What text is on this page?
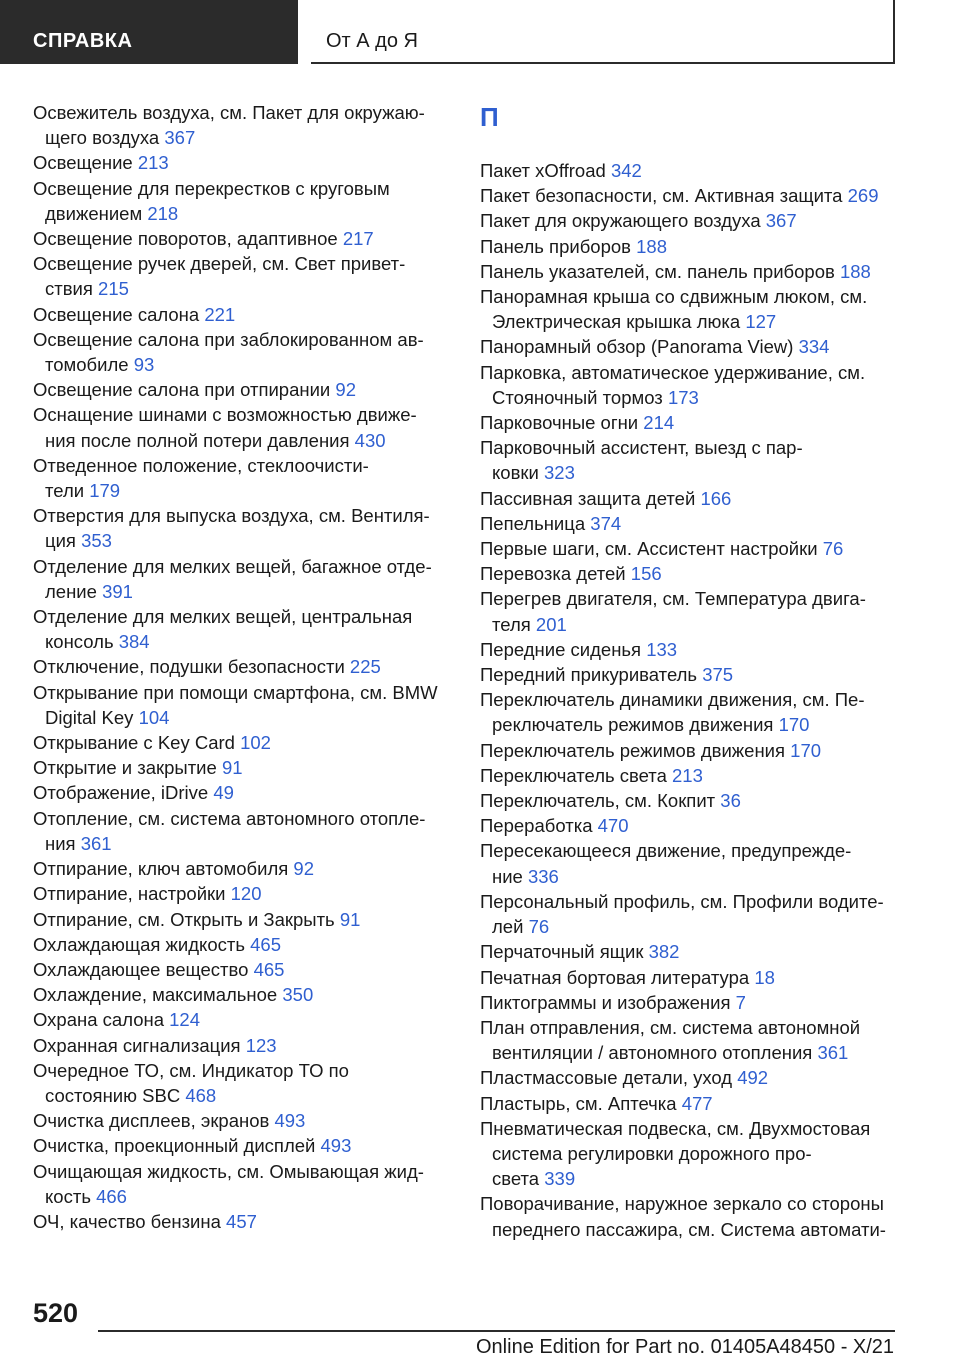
СПРАВКА	От А до Я
Освежитель воздуха, см. Пакет для окружаю-
щего воздуха 367
Освещение 213
Освещение для перекрестков с круговым
движением 218
Освещение поворотов, адаптивное 217
Освещение ручек дверей, см. Свет привет-
ствия 215
Освещение салона 221
Освещение салона при заблокированном ав-
томобиле 93
Освещение салона при отпирании 92
Оснащение шинами с возможностью движе-
ния после полной потери давления 430
Отведенное положение, стеклоочисти-
тели 179
Отверстия для выпуска воздуха, см. Вентиля-
ция 353
Отделение для мелких вещей, багажное отде-
ление 391
Отделение для мелких вещей, центральная
консоль 384
Отключение, подушки безопасности 225
Открывание при помощи смартфона, см. BMW
Digital Key 104
Открывание с Key Card 102
Открытие и закрытие 91
Отображение, iDrive 49
Отопление, см. система автономного отопле-
ния 361
Отпирание, ключ автомобиля 92
Отпирание, настройки 120
Отпирание, см. Открыть и Закрыть 91
Охлаждающая жидкость 465
Охлаждающее вещество 465
Охлаждение, максимальное 350
Охрана салона 124
Охранная сигнализация 123
Очередное ТО, см. Индикатор ТО по
состоянию SBC 468
Очистка дисплеев, экранов 493
Очистка, проекционный дисплей 493
Очищающая жидкость, см. Омывающая жид-
кость 466
ОЧ, качество бензина 457
П
Пакет xOffroad 342
Пакет безопасности, см. Активная защита 269
Пакет для окружающего воздуха 367
Панель приборов 188
Панель указателей, см. панель приборов 188
Панорамная крыша со сдвижным люком, см.
Электрическая крышка люка 127
Панорамный обзор (Panorama View) 334
Парковка, автоматическое удерживание, см.
Стояночный тормоз 173
Парковочные огни 214
Парковочный ассистент, выезд с пар-
ковки 323
Пассивная защита детей 166
Пепельница 374
Первые шаги, см. Ассистент настройки 76
Перевозка детей 156
Перегрев двигателя, см. Температура двига-
теля 201
Передние сиденья 133
Передний прикуриватель 375
Переключатель динамики движения, см. Пе-
реключатель режимов движения 170
Переключатель режимов движения 170
Переключатель света 213
Переключатель, см. Кокпит 36
Переработка 470
Пересекающееся движение, предупрежде-
ние 336
Персональный профиль, см. Профили водите-
лей 76
Перчаточный ящик 382
Печатная бортовая литература 18
Пиктограммы и изображения 7
План отправления, см. система автономной
вентиляции / автономного отопления 361
Пластмассовые детали, уход 492
Пластырь, см. Аптечка 477
Пневматическая подвеска, см. Двухмостовая
система регулировки дорожного про-
света 339
Поворачивание, наружное зеркало со стороны
переднего пассажира, см. Система автомати-
520
Online Edition for Part no. 01405A48450 - X/21
